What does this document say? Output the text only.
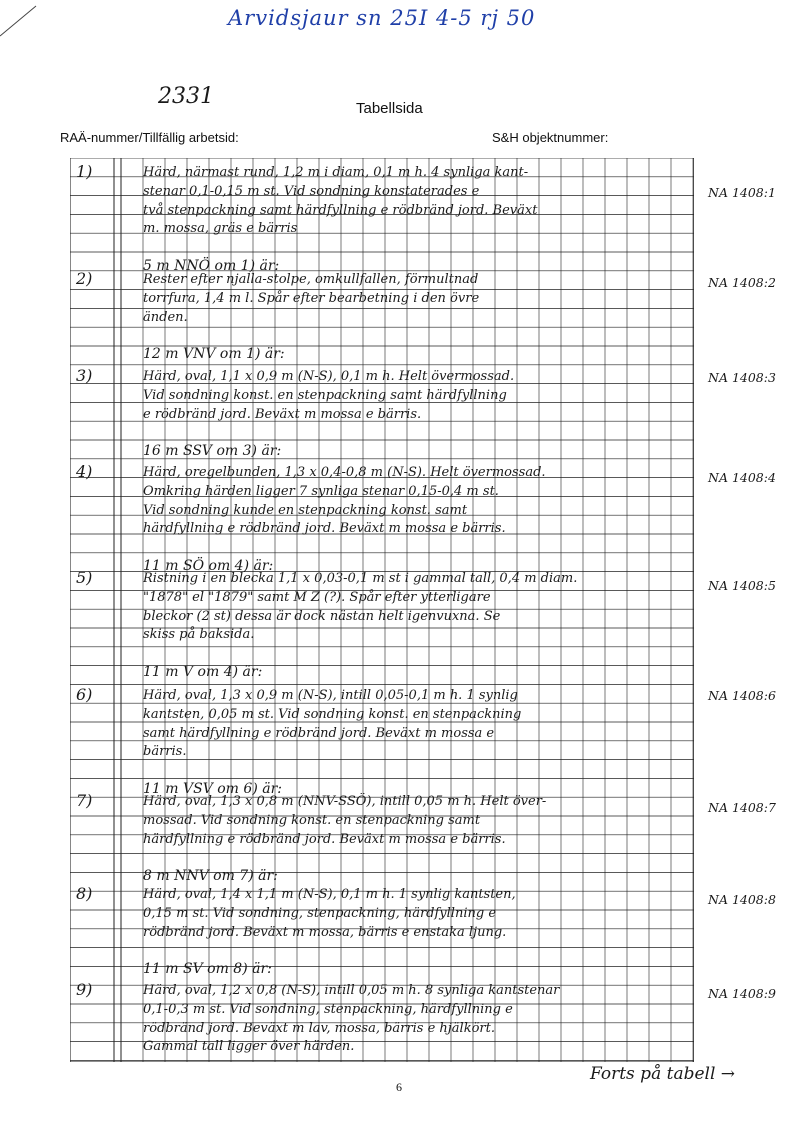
Arvidsjaur sn 25I 4-5 rj 50
2331	Tabellsida
RAÄ-nummer/Tillfällig arbetsid:	S&H objektnummer:
1)	Härd, närmast rund, 1,2 m i diam, 0,1 m h. 4 synliga kant-
stenar 0,1-0,15 m st. Vid sondning konstaterades e
två stenpackning samt härdfyllning e rödbränd jord. Beväxt
m. mossa, gräs e bärris
5 m NNÖ om 1) är:
NA 1408:1
2)	Rester efter njalla-stolpe, omkullfallen, förmultnad
torrfura, 1,4 m l. Spår efter bearbetning i den övre
änden.
12 m VNV om 1) är:
NA 1408:2
3)	Härd, oval, 1,1 x 0,9 m (N-S), 0,1 m h. Helt övermossad.
Vid sondning konst. en stenpackning samt härdfyllning
e rödbränd jord. Beväxt m mossa e bärris.
16 m SSV om 3) är:
NA 1408:3
4)	Härd, oregelbunden, 1,3 x 0,4-0,8 m (N-S). Helt övermossad.
Omkring härden ligger 7 synliga stenar 0,15-0,4 m st.
Vid sondning kunde en stenpackning konst. samt
härdfyllning e rödbränd jord. Beväxt m mossa e bärris.
11 m SÖ om 4) är:
NA 1408:4
5)	Ristning i en bleckа 1,1 x 0,03-0,1 m st i gammal tall, 0,4 m diam.
"1878" el "1879" samt M Z (?). Spår efter ytterligare
bleckor (2 st) dessa är dock nästan helt igenvuxna. Se
skiss på baksida.
11 m V om 4) är:
NA 1408:5
6)	Härd, oval, 1,3 x 0,9 m (N-S), intill 0,05-0,1 m h. 1 synlig
kantsten, 0,05 m st. Vid sondning konst. en stenpackning
samt härdfyllning e rödbränd jord. Beväxt m mossa e
bärris.
11 m VSV om 6) är:
NA 1408:6
7)	Härd, oval, 1,3 x 0,8 m (NNV-SSÖ), intill 0,05 m h. Helt över-
mossad. Vid sondning konst. en stenpackning samt
härdfyllning e rödbränd jord. Beväxt m mossa e bärris.
8 m NNV om 7) är:
NA 1408:7
8)	Härd, oval, 1,4 x 1,1 m (N-S), 0,1 m h. 1 synlig kantsten,
0,15 m st. Vid sondning, stenpackning, härdfyllning e
rödbränd jord. Beväxt m mossa, bärris e enstaka ljung.
11 m SV om 8) är:
NA 1408:8
9)	Härd, oval, 1,2 x 0,8 (N-S), intill 0,05 m h. 8 synliga kantstenar
0,1-0,3 m st. Vid sondning, stenpackning, härdfyllning e
rödbränd jord. Beväxt m lav, mossa, bärris e hjälkört.
Gammal tall ligger över härden.
NA 1408:9
6
Forts på tabell →
